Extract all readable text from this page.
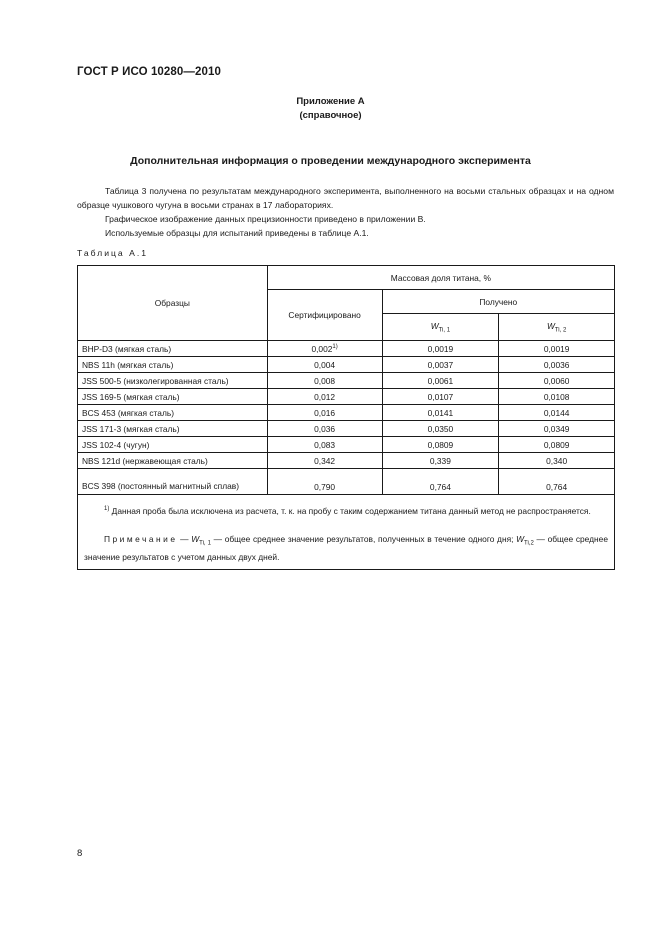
ГОСТ Р ИСО 10280—2010
Приложение А
(справочное)
Дополнительная информация о проведении международного эксперимента

Таблица 3 получена по результатам международного эксперимента, выполненного на восьми стальных образцах и на одном образце чушкового чугуна в восьми странах в 17 лабораториях.

Графическое изображение данных прецизионности приведено в приложении В.

Используемые образцы для испытаний приведены в таблице А.1.

Таблица А.1
Образцы	Массовая доля титана, %		
	Сертифицировано	Получено	
		$W_{Ti, 1}$	$W_{Ti, 2}$
ВНР-D3 (мягкая сталь)	0,002$^{1)}$	0,0019	0,0019
NBS 11h (мягкая сталь)	0,004	0,0037	0,0036
JSS 500-5 (низколегированная сталь)	0,008	0,0061	0,0060
JSS 169-5 (мягкая сталь)	0,012	0,0107	0,0108
BCS 453 (мягкая сталь)	0,016	0,0141	0,0144
JSS 171-3 (мягкая сталь)	0,036	0,0350	0,0349
JSS 102-4 (чугун)	0,083	0,0809	0,0809
NBS 121d (нержавеющая сталь)	0,342	0,339	0,340

BCS 398 (постоянный магнитный сплав)	0,790	0,764	0,764

$^{1)}$ Данная проба была исключена из расчета, т. к. на пробу с таким содержанием титана данный метод не распространяется.

Примечание — $W_{Ti, 1}$ — общее среднее значение результатов, полученных в течение одного дня; $W_{Ti,2}$ — общее среднее значение результатов с учетом данных двух дней.			

8
